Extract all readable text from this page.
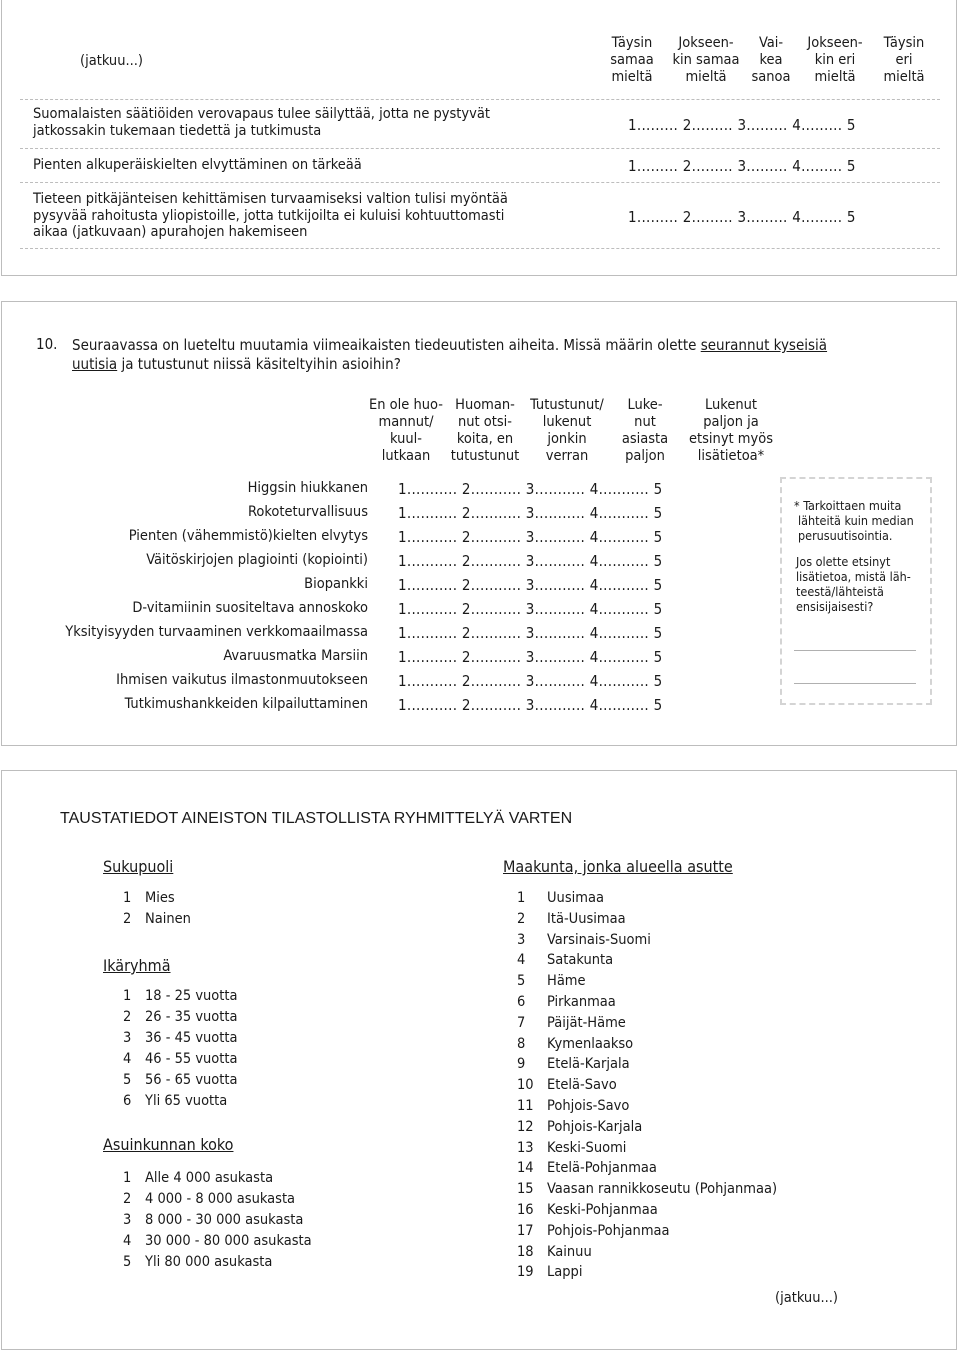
(jatkuu...)
Täysin
samaa
mieltä
Jokseen-
kin samaa
mieltä
Vai-
kea
sanoa
Jokseen-
kin eri
mieltä
Täysin
eri
mieltä
Suomalaisten säätiöiden verovapaus tulee säilyttää, jotta ne pystyvät
jatkossakin tukemaan tiedettä ja tutkimusta	1......... 2......... 3......... 4......... 5
Pienten alkuperäiskielten elvyttäminen on tärkeää	1......... 2......... 3......... 4......... 5
Tieteen pitkäjänteisen kehittämisen turvaamiseksi valtion tulisi myöntää
pysyvää rahoitusta yliopistoille, jotta tutkijoilta ei kuluisi kohtuuttomasti
aikaa (jatkuvaan) apurahojen hakemiseen
1......... 2......... 3......... 4......... 5
10. Seuraavassa on lueteltu muutamia viimeaikaisten tiedeuutisten aiheita. Missä määrin olette seurannut kyseisiä
uutisia ja tutustunut niissä käsiteltyihin asioihin?
En ole huo-
mannut/
kuul-
lutkaan
Huoman-
nut otsi-
koita, en
tutustunut
Tutustunut/
lukenut
jonkin
verran
Luke-
nut
asiasta
paljon
Lukenut
paljon ja
etsinyt myös
lisätietoa*
Higgsin hiukkanen 1........... 2........... 3........... 4........... 5
Rokoteturvallisuus 1........... 2........... 3........... 4........... 5
Pienten (vähemmistö)kielten elvytys 1........... 2........... 3........... 4........... 5
Väitöskirjojen plagiointi (kopiointi) 1........... 2........... 3........... 4........... 5
Biopankki 1........... 2........... 3........... 4........... 5
D-vitamiinin suositeltava annoskoko 1........... 2........... 3........... 4........... 5
Yksityisyyden turvaaminen verkkomaailmassa 1........... 2........... 3........... 4........... 5
Avaruusmatka Marsiin 1........... 2........... 3........... 4........... 5
Ihmisen vaikutus ilmastonmuutokseen 1........... 2........... 3........... 4........... 5
Tutkimushankkeiden kilpailuttaminen 1........... 2........... 3........... 4........... 5
* Tarkoittaen muita
lähteitä kuin median
perusuutisointia.
Jos olette etsinyt
lisätietoa, mistä läh-
teestä/lähteistä
ensisijaisesti?
TAUSTATIEDOT AINEISTON TILASTOLLISTA RYHMITTELYÄ VARTEN
Sukupuoli
1 Mies
2 Nainen
Ikäryhmä
1 18 - 25 vuotta
2 26 - 35 vuotta
3 36 - 45 vuotta
4 46 - 55 vuotta
5 56 - 65 vuotta
6 Yli 65 vuotta
Asuinkunnan koko
1 Alle 4 000 asukasta
2 4 000 - 8 000 asukasta
3 8 000 - 30 000 asukasta
4 30 000 - 80 000 asukasta
5 Yli 80 000 asukasta
Maakunta, jonka alueella asutte
1 Uusimaa
2 Itä-Uusimaa
3 Varsinais-Suomi
4 Satakunta
5 Häme
6 Pirkanmaa
7 Päijät-Häme
8 Kymenlaakso
9 Etelä-Karjala
10 Etelä-Savo
11 Pohjois-Savo
12 Pohjois-Karjala
13 Keski-Suomi
14 Etelä-Pohjanmaa
15 Vaasan rannikkoseutu (Pohjanmaa)
16 Keski-Pohjanmaa
17 Pohjois-Pohjanmaa
18 Kainuu
19 Lappi
(jatkuu...)
